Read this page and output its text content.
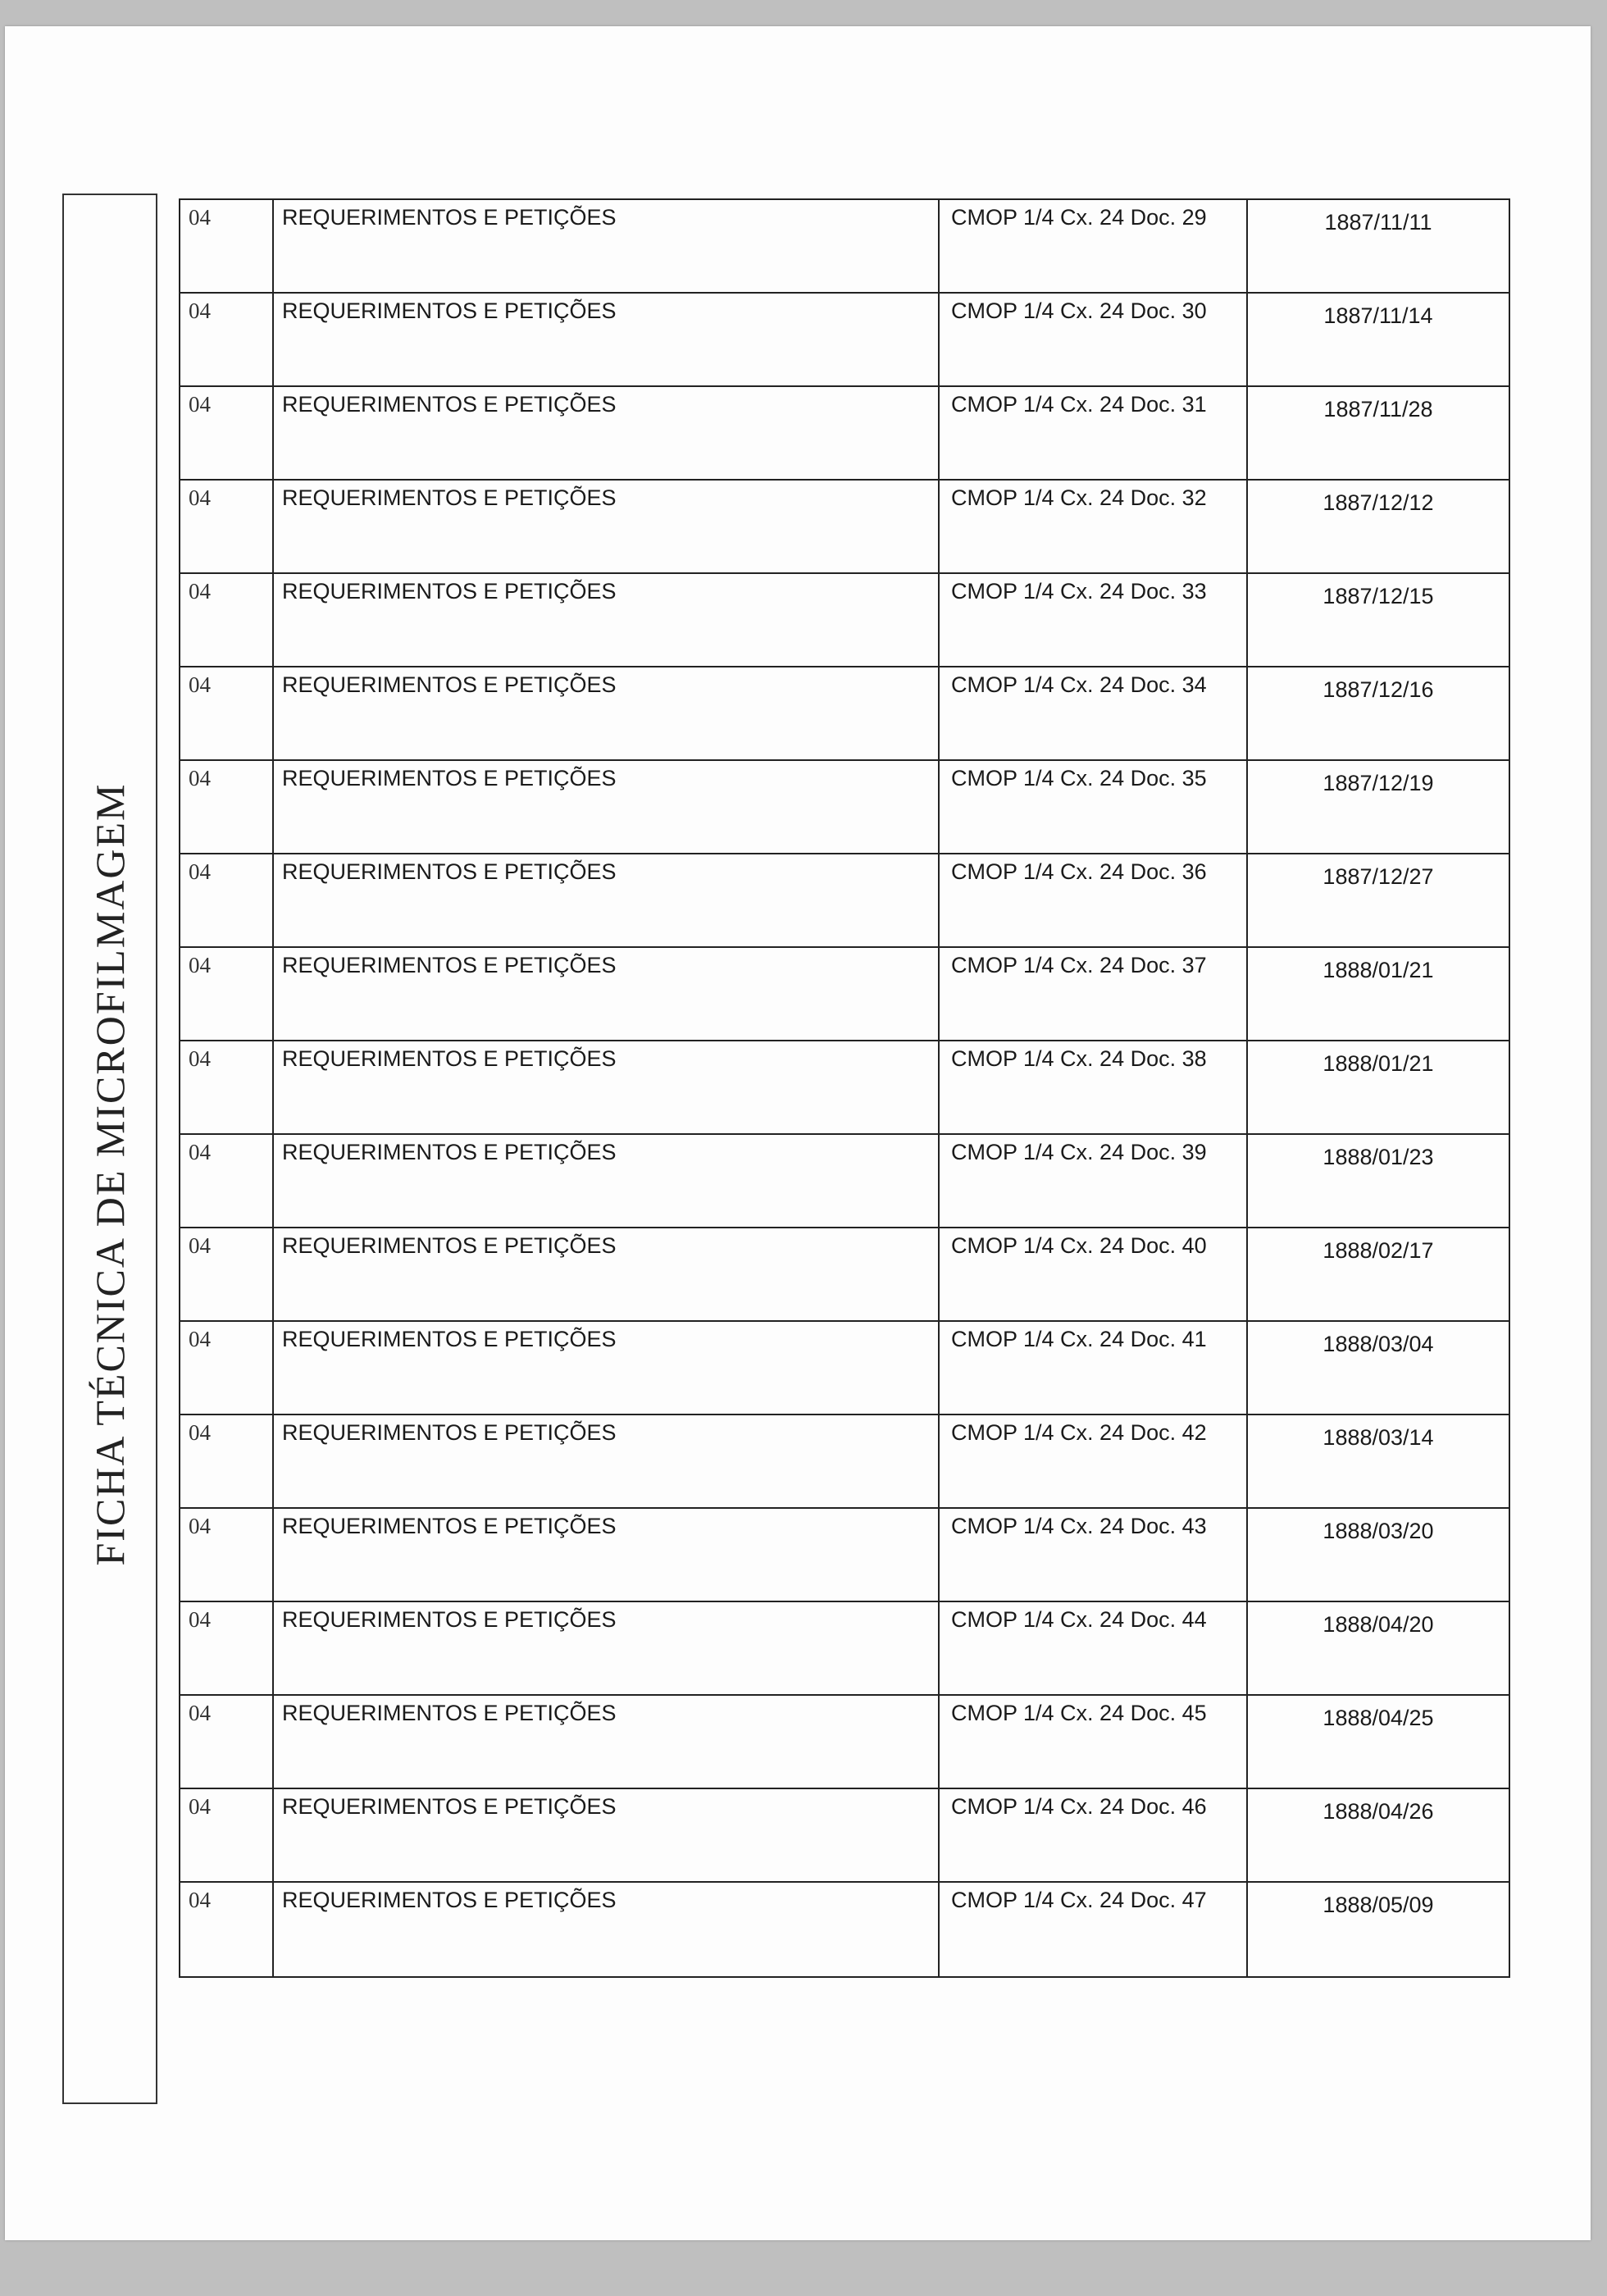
FICHA TÉCNICA DE MICROFILMAGEM
04	REQUERIMENTOS E PETIÇÕES	CMOP 1/4 Cx. 24 Doc. 29	1887/11/11
04	REQUERIMENTOS E PETIÇÕES	CMOP 1/4 Cx. 24 Doc. 30	1887/11/14
04	REQUERIMENTOS E PETIÇÕES	CMOP 1/4 Cx. 24 Doc. 31	1887/11/28
04	REQUERIMENTOS E PETIÇÕES	CMOP 1/4 Cx. 24 Doc. 32	1887/12/12
04	REQUERIMENTOS E PETIÇÕES	CMOP 1/4 Cx. 24 Doc. 33	1887/12/15
04	REQUERIMENTOS E PETIÇÕES	CMOP 1/4 Cx. 24 Doc. 34	1887/12/16
04	REQUERIMENTOS E PETIÇÕES	CMOP 1/4 Cx. 24 Doc. 35	1887/12/19
04	REQUERIMENTOS E PETIÇÕES	CMOP 1/4 Cx. 24 Doc. 36	1887/12/27
04	REQUERIMENTOS E PETIÇÕES	CMOP 1/4 Cx. 24 Doc. 37	1888/01/21
04	REQUERIMENTOS E PETIÇÕES	CMOP 1/4 Cx. 24 Doc. 38	1888/01/21
04	REQUERIMENTOS E PETIÇÕES	CMOP 1/4 Cx. 24 Doc. 39	1888/01/23
04	REQUERIMENTOS E PETIÇÕES	CMOP 1/4 Cx. 24 Doc. 40	1888/02/17
04	REQUERIMENTOS E PETIÇÕES	CMOP 1/4 Cx. 24 Doc. 41	1888/03/04
04	REQUERIMENTOS E PETIÇÕES	CMOP 1/4 Cx. 24 Doc. 42	1888/03/14
04	REQUERIMENTOS E PETIÇÕES	CMOP 1/4 Cx. 24 Doc. 43	1888/03/20
04	REQUERIMENTOS E PETIÇÕES	CMOP 1/4 Cx. 24 Doc. 44	1888/04/20
04	REQUERIMENTOS E PETIÇÕES	CMOP 1/4 Cx. 24 Doc. 45	1888/04/25
04	REQUERIMENTOS E PETIÇÕES	CMOP 1/4 Cx. 24 Doc. 46	1888/04/26
04	REQUERIMENTOS E PETIÇÕES	CMOP 1/4 Cx. 24 Doc. 47	1888/05/09
